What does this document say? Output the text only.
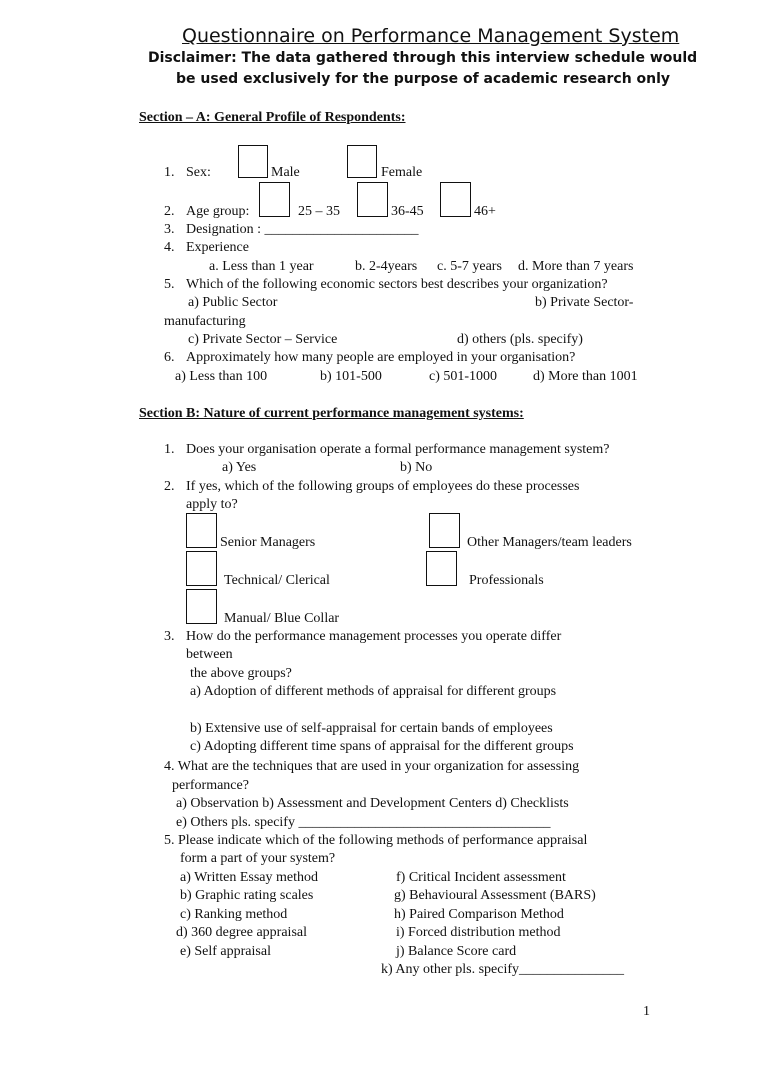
Questionnaire on Performance Management System
Disclaimer: The data gathered through this interview schedule would
be used exclusively for the purpose of academic research only
Section – A: General Profile of Respondents:
1. Sex:	Male	Female
2. Age group:	25 – 35	36-45	46+
3. Designation : ______________________
4. Experience
a. Less than 1 year	b. 2-4years c. 5-7 years d. More than 7 years
5. Which of the following economic sectors best describes your organization?
a) Public Sector	b) Private Sector-
manufacturing
c) Private Sector – Service	d) others (pls. specify)
6. Approximately how many people are employed in your organisation?
a) Less than 100	b) 101-500	c) 501-1000	d) More than 1001
Section B: Nature of current performance management systems:
1. Does your organisation operate a formal performance management system?
a) Yes	b) No
2. If yes, which of the following groups of employees do these processes
apply to?
Senior Managers	Other Managers/team leaders
Technical/ Clerical	Professionals
Manual/ Blue Collar
3. How do the performance management processes you operate differ
between
the above groups?
a) Adoption of different methods of appraisal for different groups
b) Extensive use of self-appraisal for certain bands of employees
c) Adopting different time spans of appraisal for the different groups
4. What are the techniques that are used in your organization for assessing
performance?
a) Observation b) Assessment and Development Centers d) Checklists
e) Others pls. specify ____________________________________
5. Please indicate which of the following methods of performance appraisal
form a part of your system?
a) Written Essay method
b) Graphic rating scales
c) Ranking method
d) 360 degree appraisal
e) Self appraisal
f) Critical Incident assessment
g) Behavioural Assessment (BARS)
h) Paired Comparison Method
i) Forced distribution method
j) Balance Score card
k) Any other pls. specify_______________
1
